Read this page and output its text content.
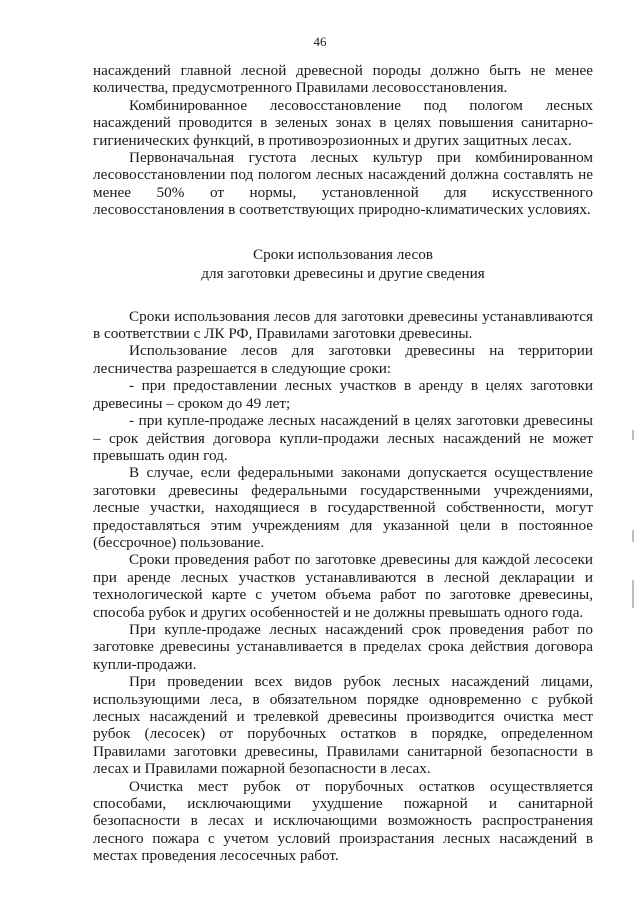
46

насаждений главной лесной древесной породы должно быть не менее количества, предусмотренного Правилами лесовосстановления.

Комбинированное лесовосстановление под пологом лесных насаждений проводится в зеленых зонах в целях повышения санитарно-гигиенических функций, в противоэрозионных и других защитных лесах.

Первоначальная густота лесных культур при комбинированном лесовосстановлении под пологом лесных насаждений должна составлять не менее 50% от нормы, установленной для искусственного лесовосстановления в соответствующих природно-климатических условиях.

Сроки использования лесов
для заготовки древесины и другие сведения

Сроки использования лесов для заготовки древесины устанавливаются в соответствии с ЛК РФ, Правилами заготовки древесины.

Использование лесов для заготовки древесины на территории лесничества разрешается в следующие сроки:

- при предоставлении лесных участков в аренду в целях заготовки древесины – сроком до 49 лет;

- при купле-продаже лесных насаждений в целях заготовки древесины – срок действия договора купли-продажи лесных насаждений не может превышать один год.

В случае, если федеральными законами допускается осуществление заготовки древесины федеральными государственными учреждениями, лесные участки, находящиеся в государственной собственности, могут предоставляться этим учреждениям для указанной цели в постоянное (бессрочное) пользование.

Сроки проведения работ по заготовке древесины для каждой лесосеки при аренде лесных участков устанавливаются в лесной декларации и технологической карте с учетом объема работ по заготовке древесины, способа рубок и других особенностей и не должны превышать одного года.

При купле-продаже лесных насаждений срок проведения работ по заготовке древесины устанавливается в пределах срока действия договора купли-продажи.

При проведении всех видов рубок лесных насаждений лицами, использующими леса, в обязательном порядке одновременно с рубкой лесных насаждений и трелевкой древесины производится очистка мест рубок (лесосек) от порубочных остатков в порядке, определенном Правилами заготовки древесины, Правилами санитарной безопасности в лесах и Правилами пожарной безопасности в лесах.

Очистка мест рубок от порубочных остатков осуществляется способами, исключающими ухудшение пожарной и санитарной безопасности в лесах и исключающими возможность распространения лесного пожара с учетом условий произрастания лесных насаждений в местах проведения лесосечных работ.
